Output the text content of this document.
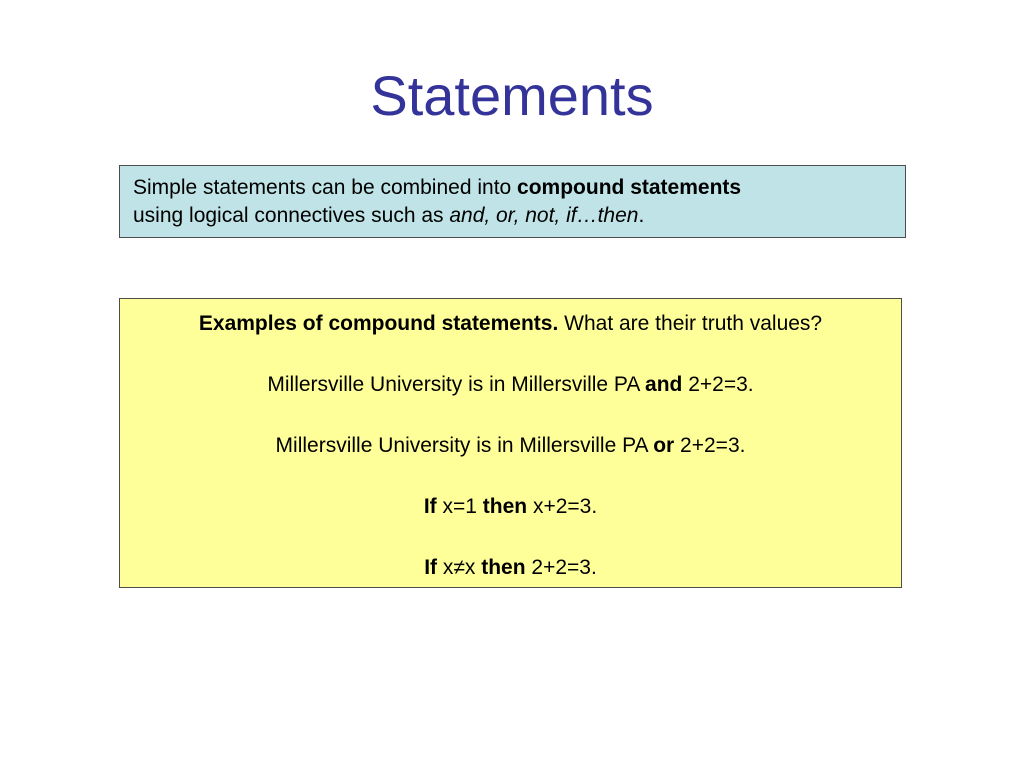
Statements
Simple statements can be combined into compound statements
using logical connectives such as and, or, not, if…then.
Examples of compound statements. What are their truth values?
Millersville University is in Millersville PA and 2+2=3.
Millersville University is in Millersville PA or 2+2=3.
If x=1 then x+2=3.
If x≠x then 2+2=3.
